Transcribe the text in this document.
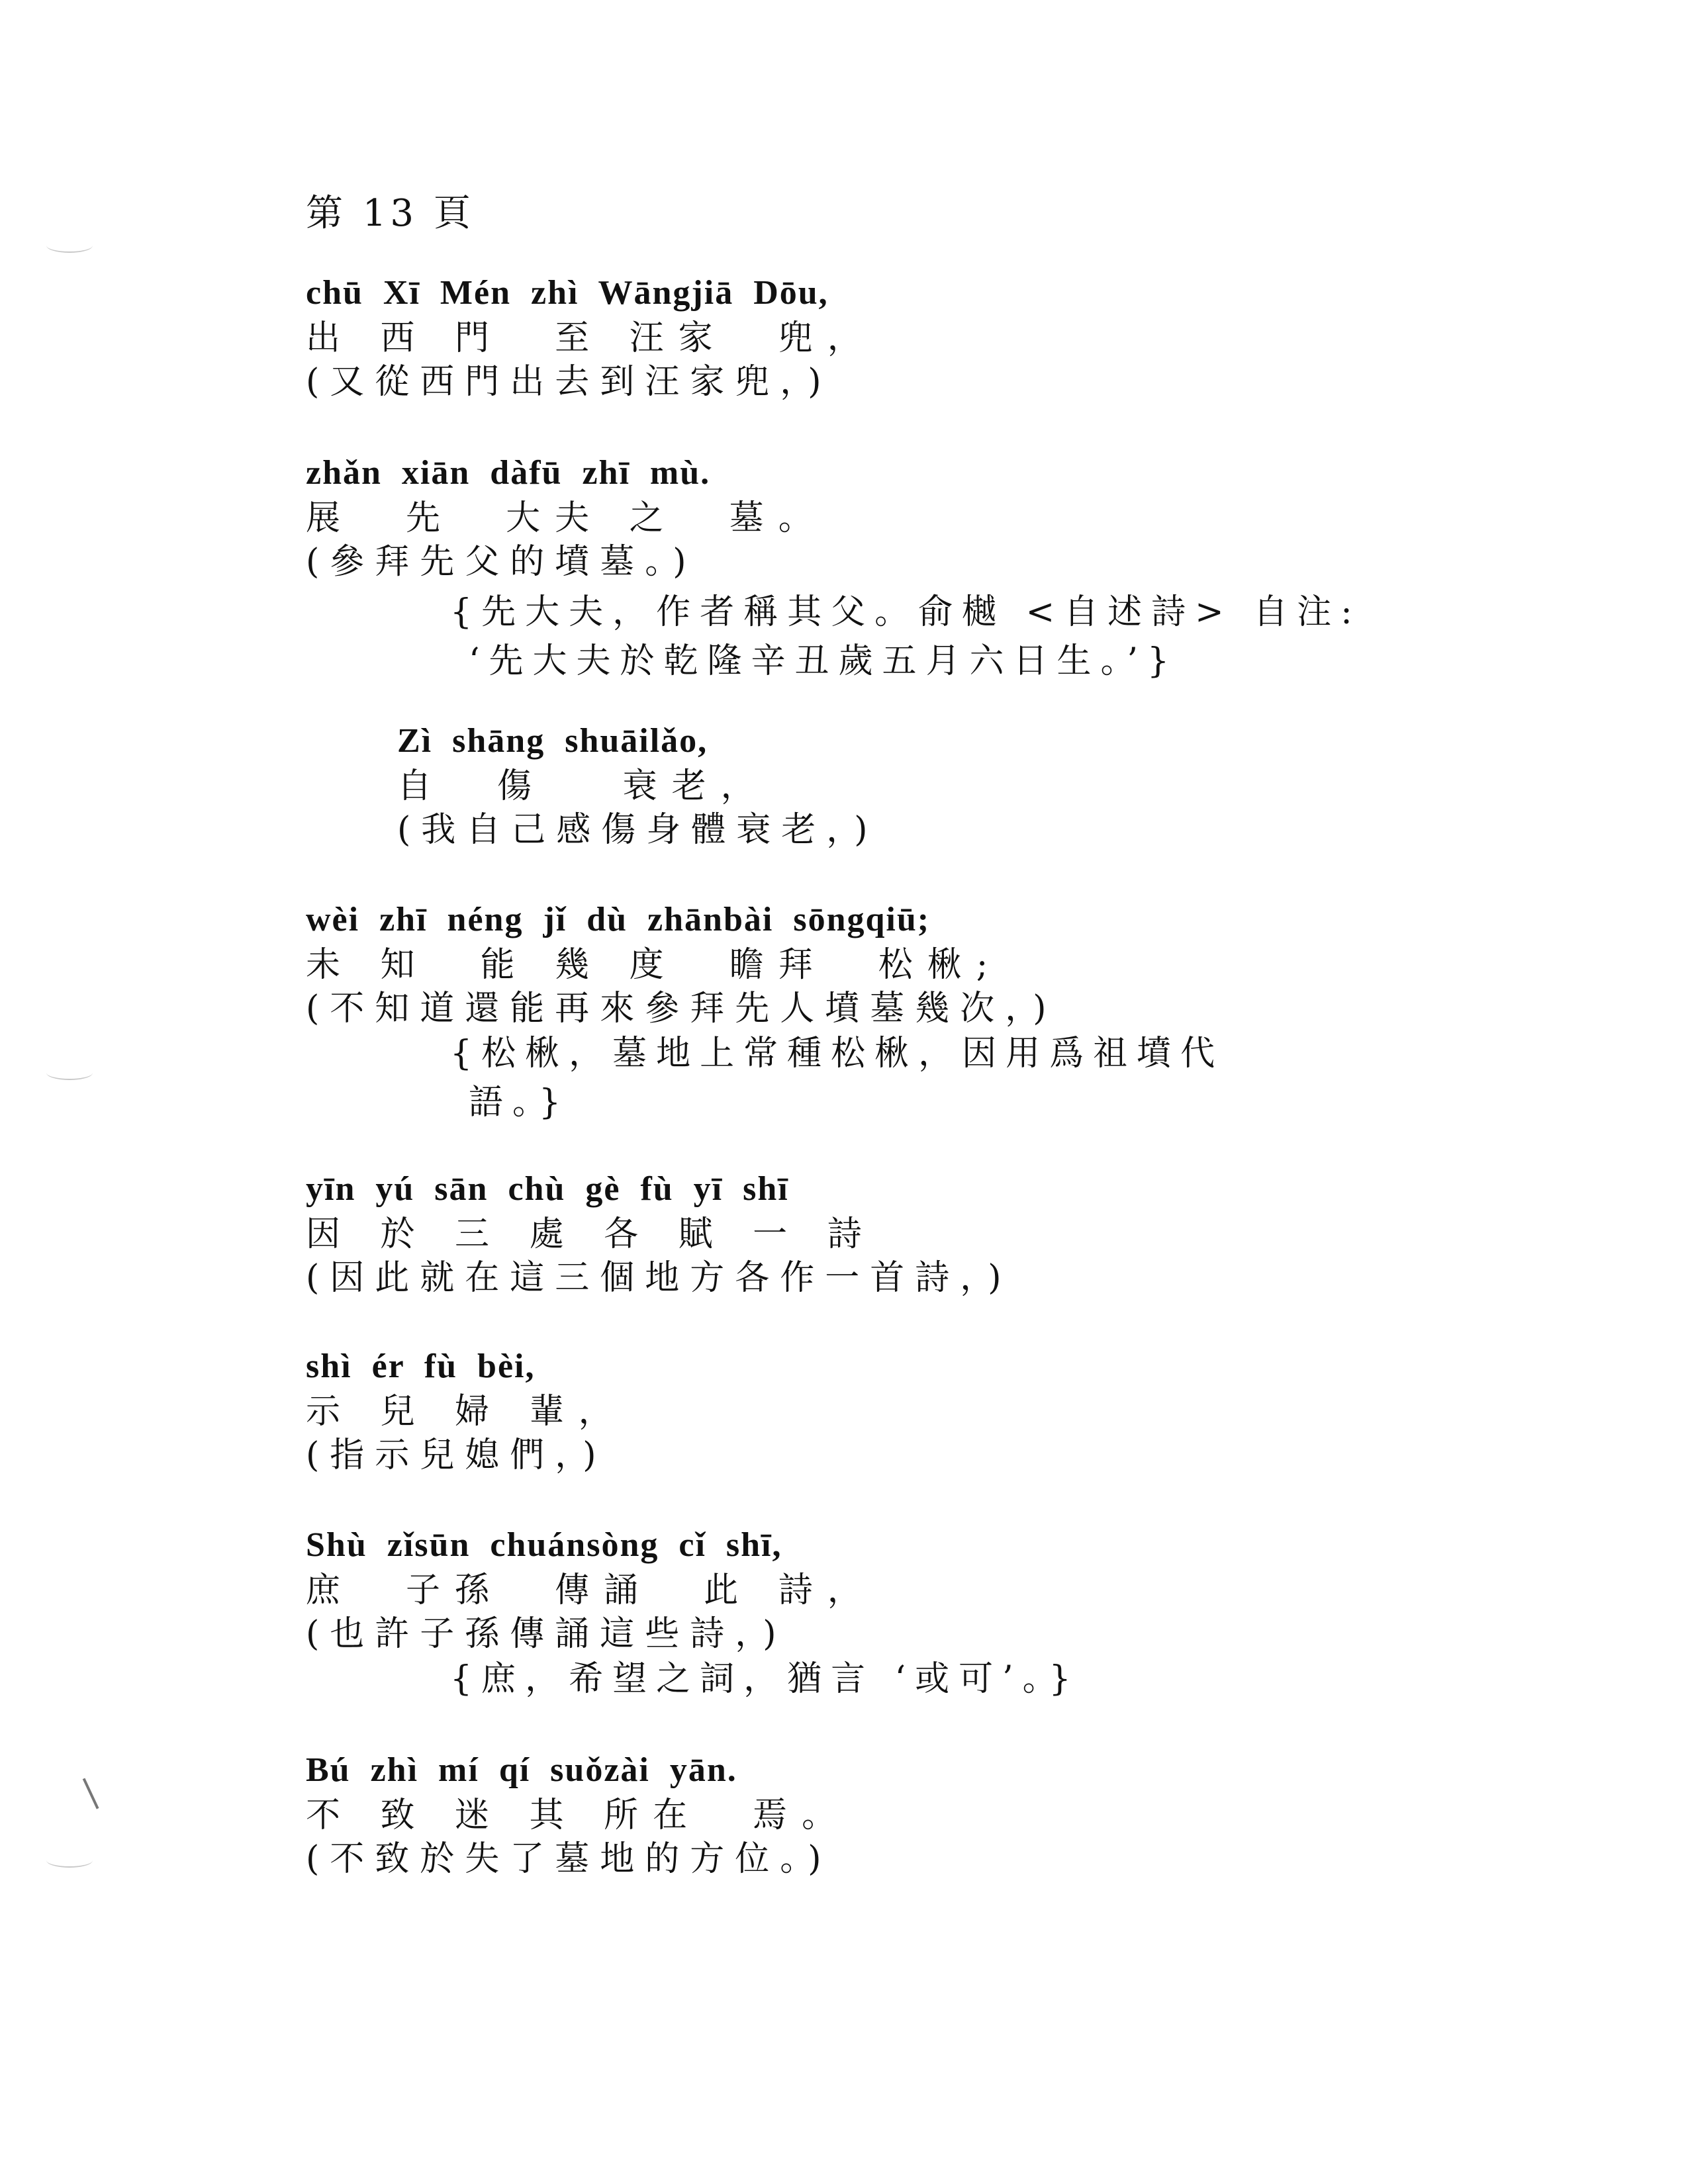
第 13 頁
chū  Xī  Mén  zhì  Wāngjiā  Dōu,
出 西 門  至 汪家  兜，
(又從西門出去到汪家兜，)
zhǎn  xiān  dàfū  zhī  mù.
展  先  大夫 之  墓。
(參拜先父的墳墓。)
{先大夫，作者稱其父。俞樾 <自述詩> 自注:
‘先大夫於乾隆辛丑歲五月六日生。’}
Zì  shāng  shuāilǎo,
自  傷   衰老，
(我自己感傷身體衰老，)
wèi  zhī  néng  jǐ  dù  zhānbài  sōngqiū;
未 知  能 幾 度  瞻拜  松楸;
(不知道還能再來參拜先人墳墓幾次，)
{松楸，墓地上常種松楸，因用爲祖墳代
語。}
yīn  yú  sān  chù  gè  fù  yī  shī
因 於 三 處 各 賦 一 詩
(因此就在這三個地方各作一首詩，)
shì  ér  fù  bèi,
示 兒 婦 輩，
(指示兒媳們，)
Shù  zǐsūn  chuánsòng  cǐ  shī,
庶  子孫  傳誦  此 詩，
(也許子孫傳誦這些詩，)
{庶，希望之詞，猶言 ‘或可’。}
Bú  zhì  mí  qí  suǒzài  yān.
不 致 迷 其 所在  焉。
(不致於失了墓地的方位。)
